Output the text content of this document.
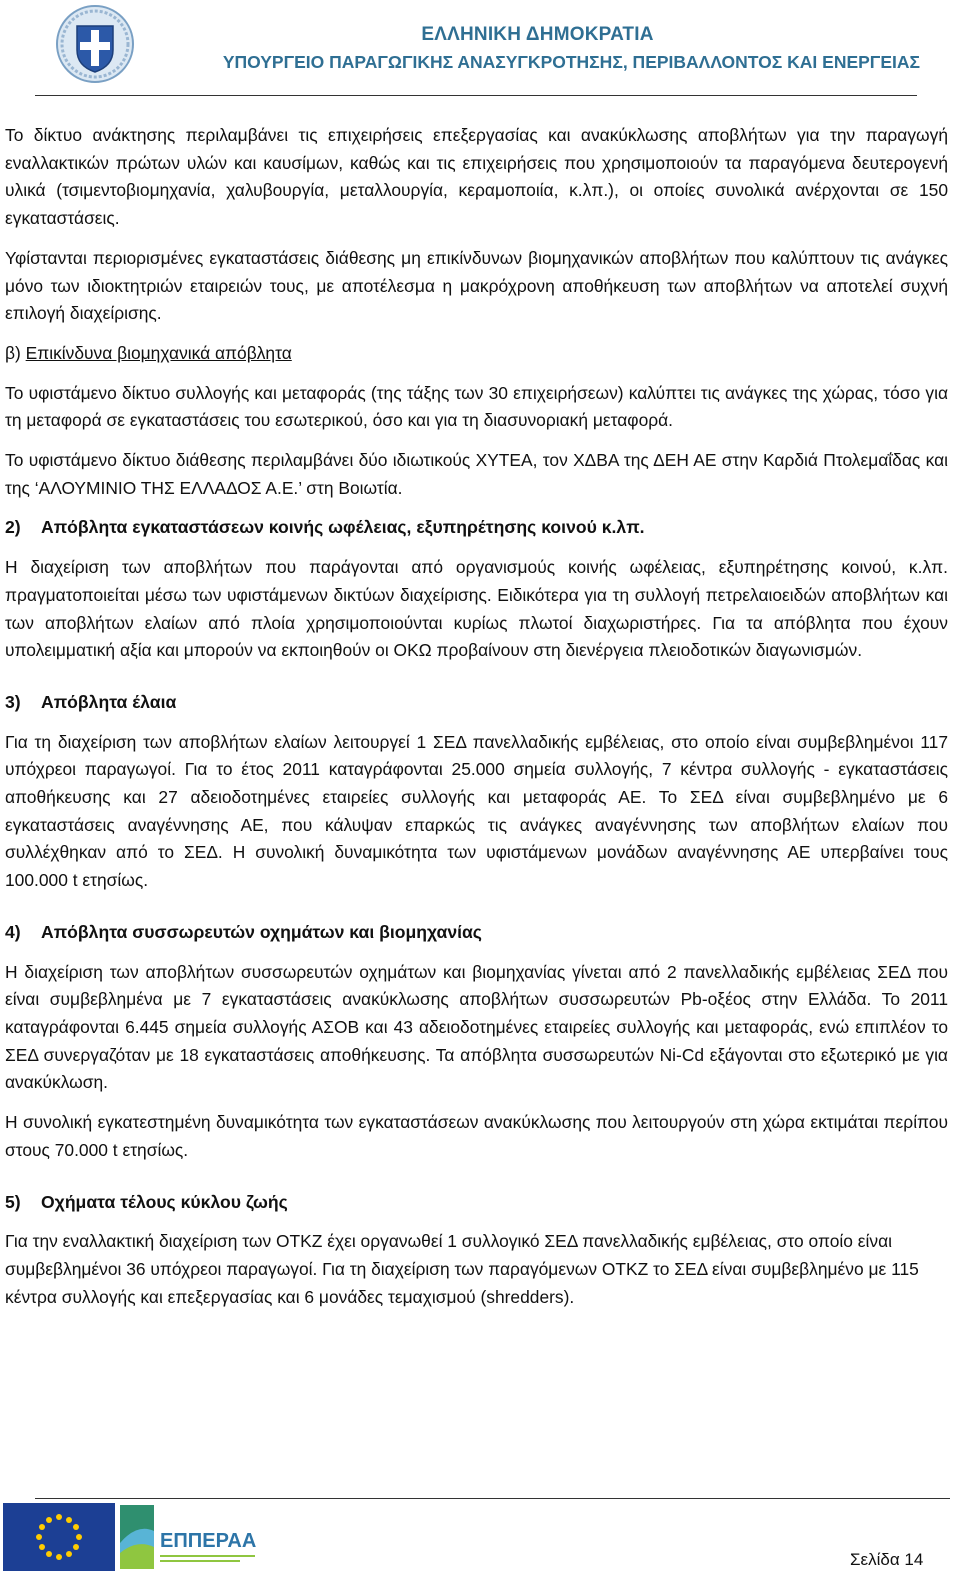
ΕΛΛΗΝΙΚΗ ΔΗΜΟΚΡΑΤΙΑ
ΥΠΟΥΡΓΕΙΟ ΠΑΡΑΓΩΓΙΚΗΣ ΑΝΑΣΥΓΚΡΟΤΗΣΗΣ, ΠΕΡΙΒΑΛΛΟΝΤΟΣ ΚΑΙ ΕΝΕΡΓΕΙΑΣ

Το δίκτυο ανάκτησης περιλαμβάνει τις επιχειρήσεις επεξεργασίας και ανακύκλωσης αποβλήτων για την παραγωγή εναλλακτικών πρώτων υλών και καυσίμων, καθώς και τις επιχειρήσεις που χρησιμοποιούν τα παραγόμενα δευτερογενή υλικά (τσιμεντοβιομηχανία, χαλυβουργία, μεταλλουργία, κεραμοποιία, κ.λπ.), οι οποίες συνολικά ανέρχονται σε 150 εγκαταστάσεις.

Υφίστανται περιορισμένες εγκαταστάσεις διάθεσης μη επικίνδυνων βιομηχανικών αποβλήτων που καλύπτουν τις ανάγκες μόνο των ιδιοκτητριών εταιρειών τους, με αποτέλεσμα η μακρόχρονη αποθήκευση των αποβλήτων να αποτελεί συχνή επιλογή διαχείρισης.

β) Επικίνδυνα βιομηχανικά απόβλητα

Το υφιστάμενο δίκτυο συλλογής και μεταφοράς (της τάξης των 30 επιχειρήσεων) καλύπτει τις ανάγκες της χώρας, τόσο για τη μεταφορά σε εγκαταστάσεις του εσωτερικού, όσο και για τη διασυνοριακή μεταφορά.

Το υφιστάμενο δίκτυο διάθεσης περιλαμβάνει δύο ιδιωτικούς ΧΥΤΕΑ, τον ΧΔΒΑ της ΔΕΗ ΑΕ στην Καρδιά Πτολεμαΐδας και της ‘ΑΛΟΥΜΙΝΙΟ ΤΗΣ ΕΛΛΑΔΟΣ Α.Ε.’ στη Βοιωτία.

2) Απόβλητα εγκαταστάσεων κοινής ωφέλειας, εξυπηρέτησης κοινού κ.λπ.

Η διαχείριση των αποβλήτων που παράγονται από οργανισμούς κοινής ωφέλειας, εξυπηρέτησης κοινού, κ.λπ. πραγματοποιείται μέσω των υφιστάμενων δικτύων διαχείρισης. Ειδικότερα για τη συλλογή πετρελαιοειδών αποβλήτων και των αποβλήτων ελαίων από πλοία χρησιμοποιούνται κυρίως πλωτοί διαχωριστήρες. Για τα απόβλητα που έχουν υπολειμματική αξία και μπορούν να εκποιηθούν οι ΟΚΩ προβαίνουν στη διενέργεια πλειοδοτικών διαγωνισμών.

3) Απόβλητα έλαια

Για τη διαχείριση των αποβλήτων ελαίων λειτουργεί 1 ΣΕΔ πανελλαδικής εμβέλειας, στο οποίο είναι συμβεβλημένοι 117 υπόχρεοι παραγωγοί. Για το έτος 2011 καταγράφονται 25.000 σημεία συλλογής, 7 κέντρα συλλογής - εγκαταστάσεις αποθήκευσης και 27 αδειοδοτημένες εταιρείες συλλογής και μεταφοράς ΑΕ. Το ΣΕΔ είναι συμβεβλημένο με 6 εγκαταστάσεις αναγέννησης ΑΕ, που κάλυψαν επαρκώς τις ανάγκες αναγέννησης των αποβλήτων ελαίων που συλλέχθηκαν από το ΣΕΔ. Η συνολική δυναμικότητα των υφιστάμενων μονάδων αναγέννησης ΑΕ υπερβαίνει τους 100.000 t ετησίως.

4) Απόβλητα συσσωρευτών οχημάτων και βιομηχανίας

Η διαχείριση των αποβλήτων συσσωρευτών οχημάτων και βιομηχανίας γίνεται από 2 πανελλαδικής εμβέλειας ΣΕΔ που είναι συμβεβλημένα με 7 εγκαταστάσεις ανακύκλωσης αποβλήτων συσσωρευτών Pb-οξέος στην Ελλάδα. Το 2011 καταγράφονται 6.445 σημεία συλλογής ΑΣΟΒ και 43 αδειοδοτημένες εταιρείες συλλογής και μεταφοράς, ενώ επιπλέον το ΣΕΔ συνεργαζόταν με 18 εγκαταστάσεις αποθήκευσης. Τα απόβλητα συσσωρευτών Ni-Cd εξάγονται στο εξωτερικό με για ανακύκλωση.

Η συνολική εγκατεστημένη δυναμικότητα των εγκαταστάσεων ανακύκλωσης που λειτουργούν στη χώρα εκτιμάται περίπου στους 70.000 t ετησίως.

5) Οχήματα τέλους κύκλου ζωής

Για την εναλλακτική διαχείριση των ΟΤΚΖ έχει οργανωθεί 1 συλλογικό ΣΕΔ πανελλαδικής εμβέλειας, στο οποίο είναι συμβεβλημένοι 36 υπόχρεοι παραγωγοί. Για τη διαχείριση των παραγόμενων ΟΤΚΖ το ΣΕΔ είναι συμβεβλημένο με 115 κέντρα συλλογής και επεξεργασίας και 6 μονάδες τεμαχισμού (shredders).

ΕΠΠΕΡΑΑ
Σελίδα 14
